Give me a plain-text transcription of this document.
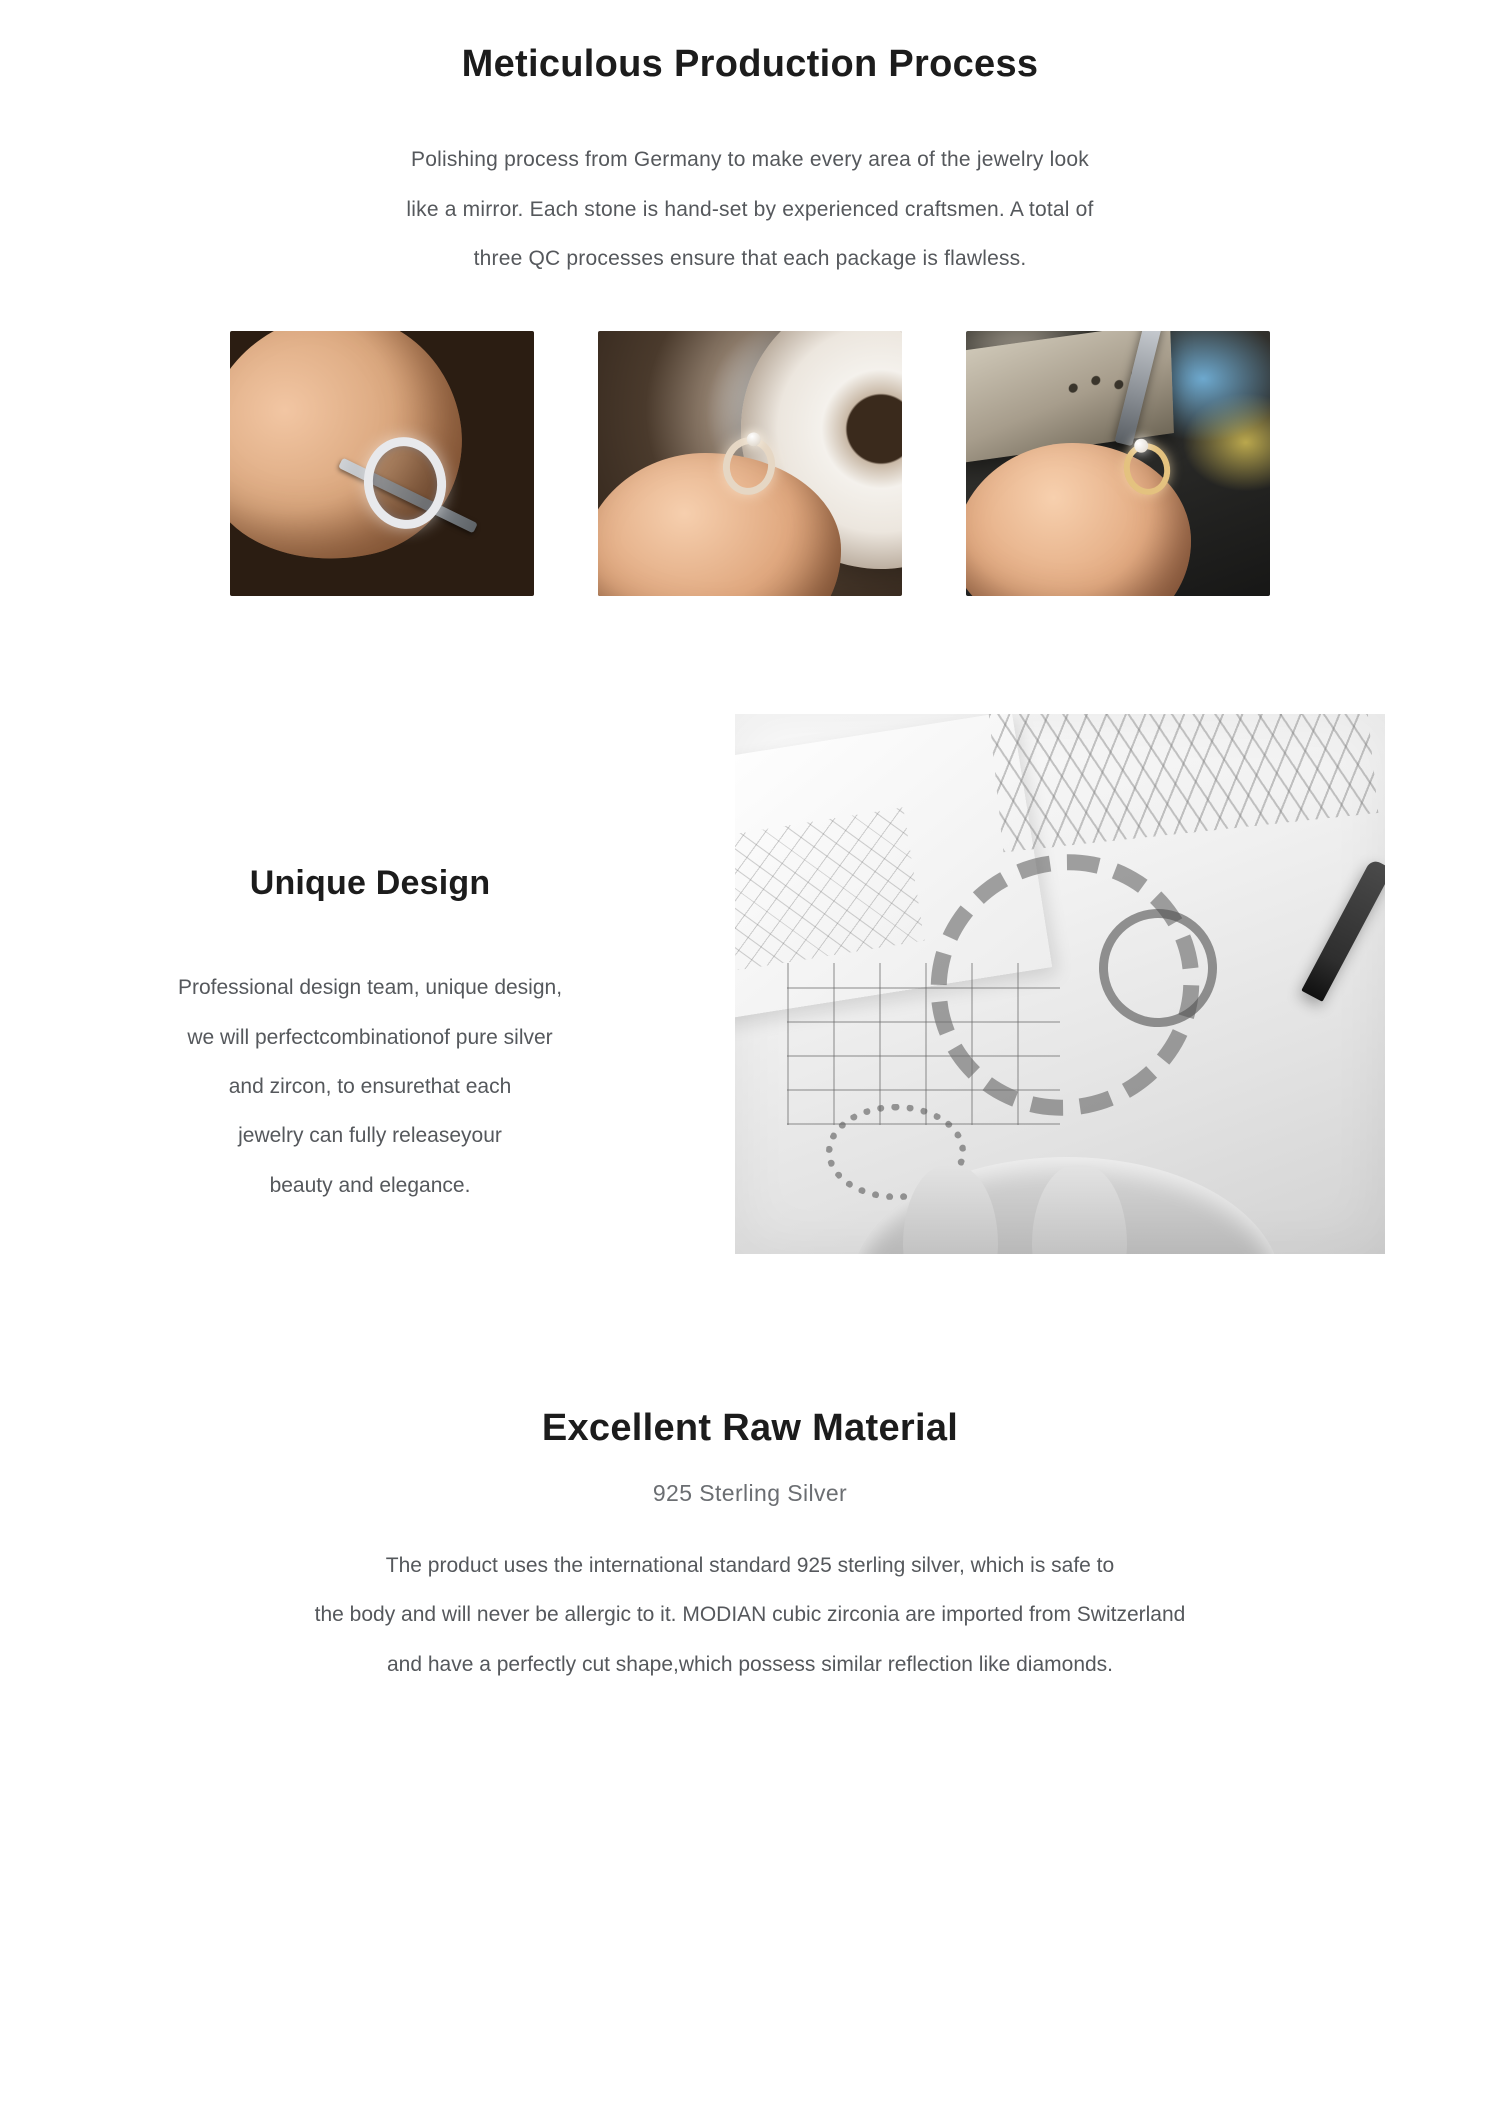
Meticulous Production Process
Polishing process from Germany to make every area of the jewelry look
like a mirror. Each stone is hand-set by experienced craftsmen. A total of
three QC processes ensure that each package is flawless.
Unique Design
Professional design team, unique design,
we will perfectcombinationof pure silver
and zircon, to ensurethat each
jewelry can fully releaseyour
beauty and elegance.
Excellent Raw Material
925 Sterling Silver
The product uses the international standard 925 sterling silver, which is safe to
the body and will never be allergic to it. MODIAN cubic zirconia are imported from Switzerland
and have a perfectly cut shape,which possess similar reflection like diamonds.
